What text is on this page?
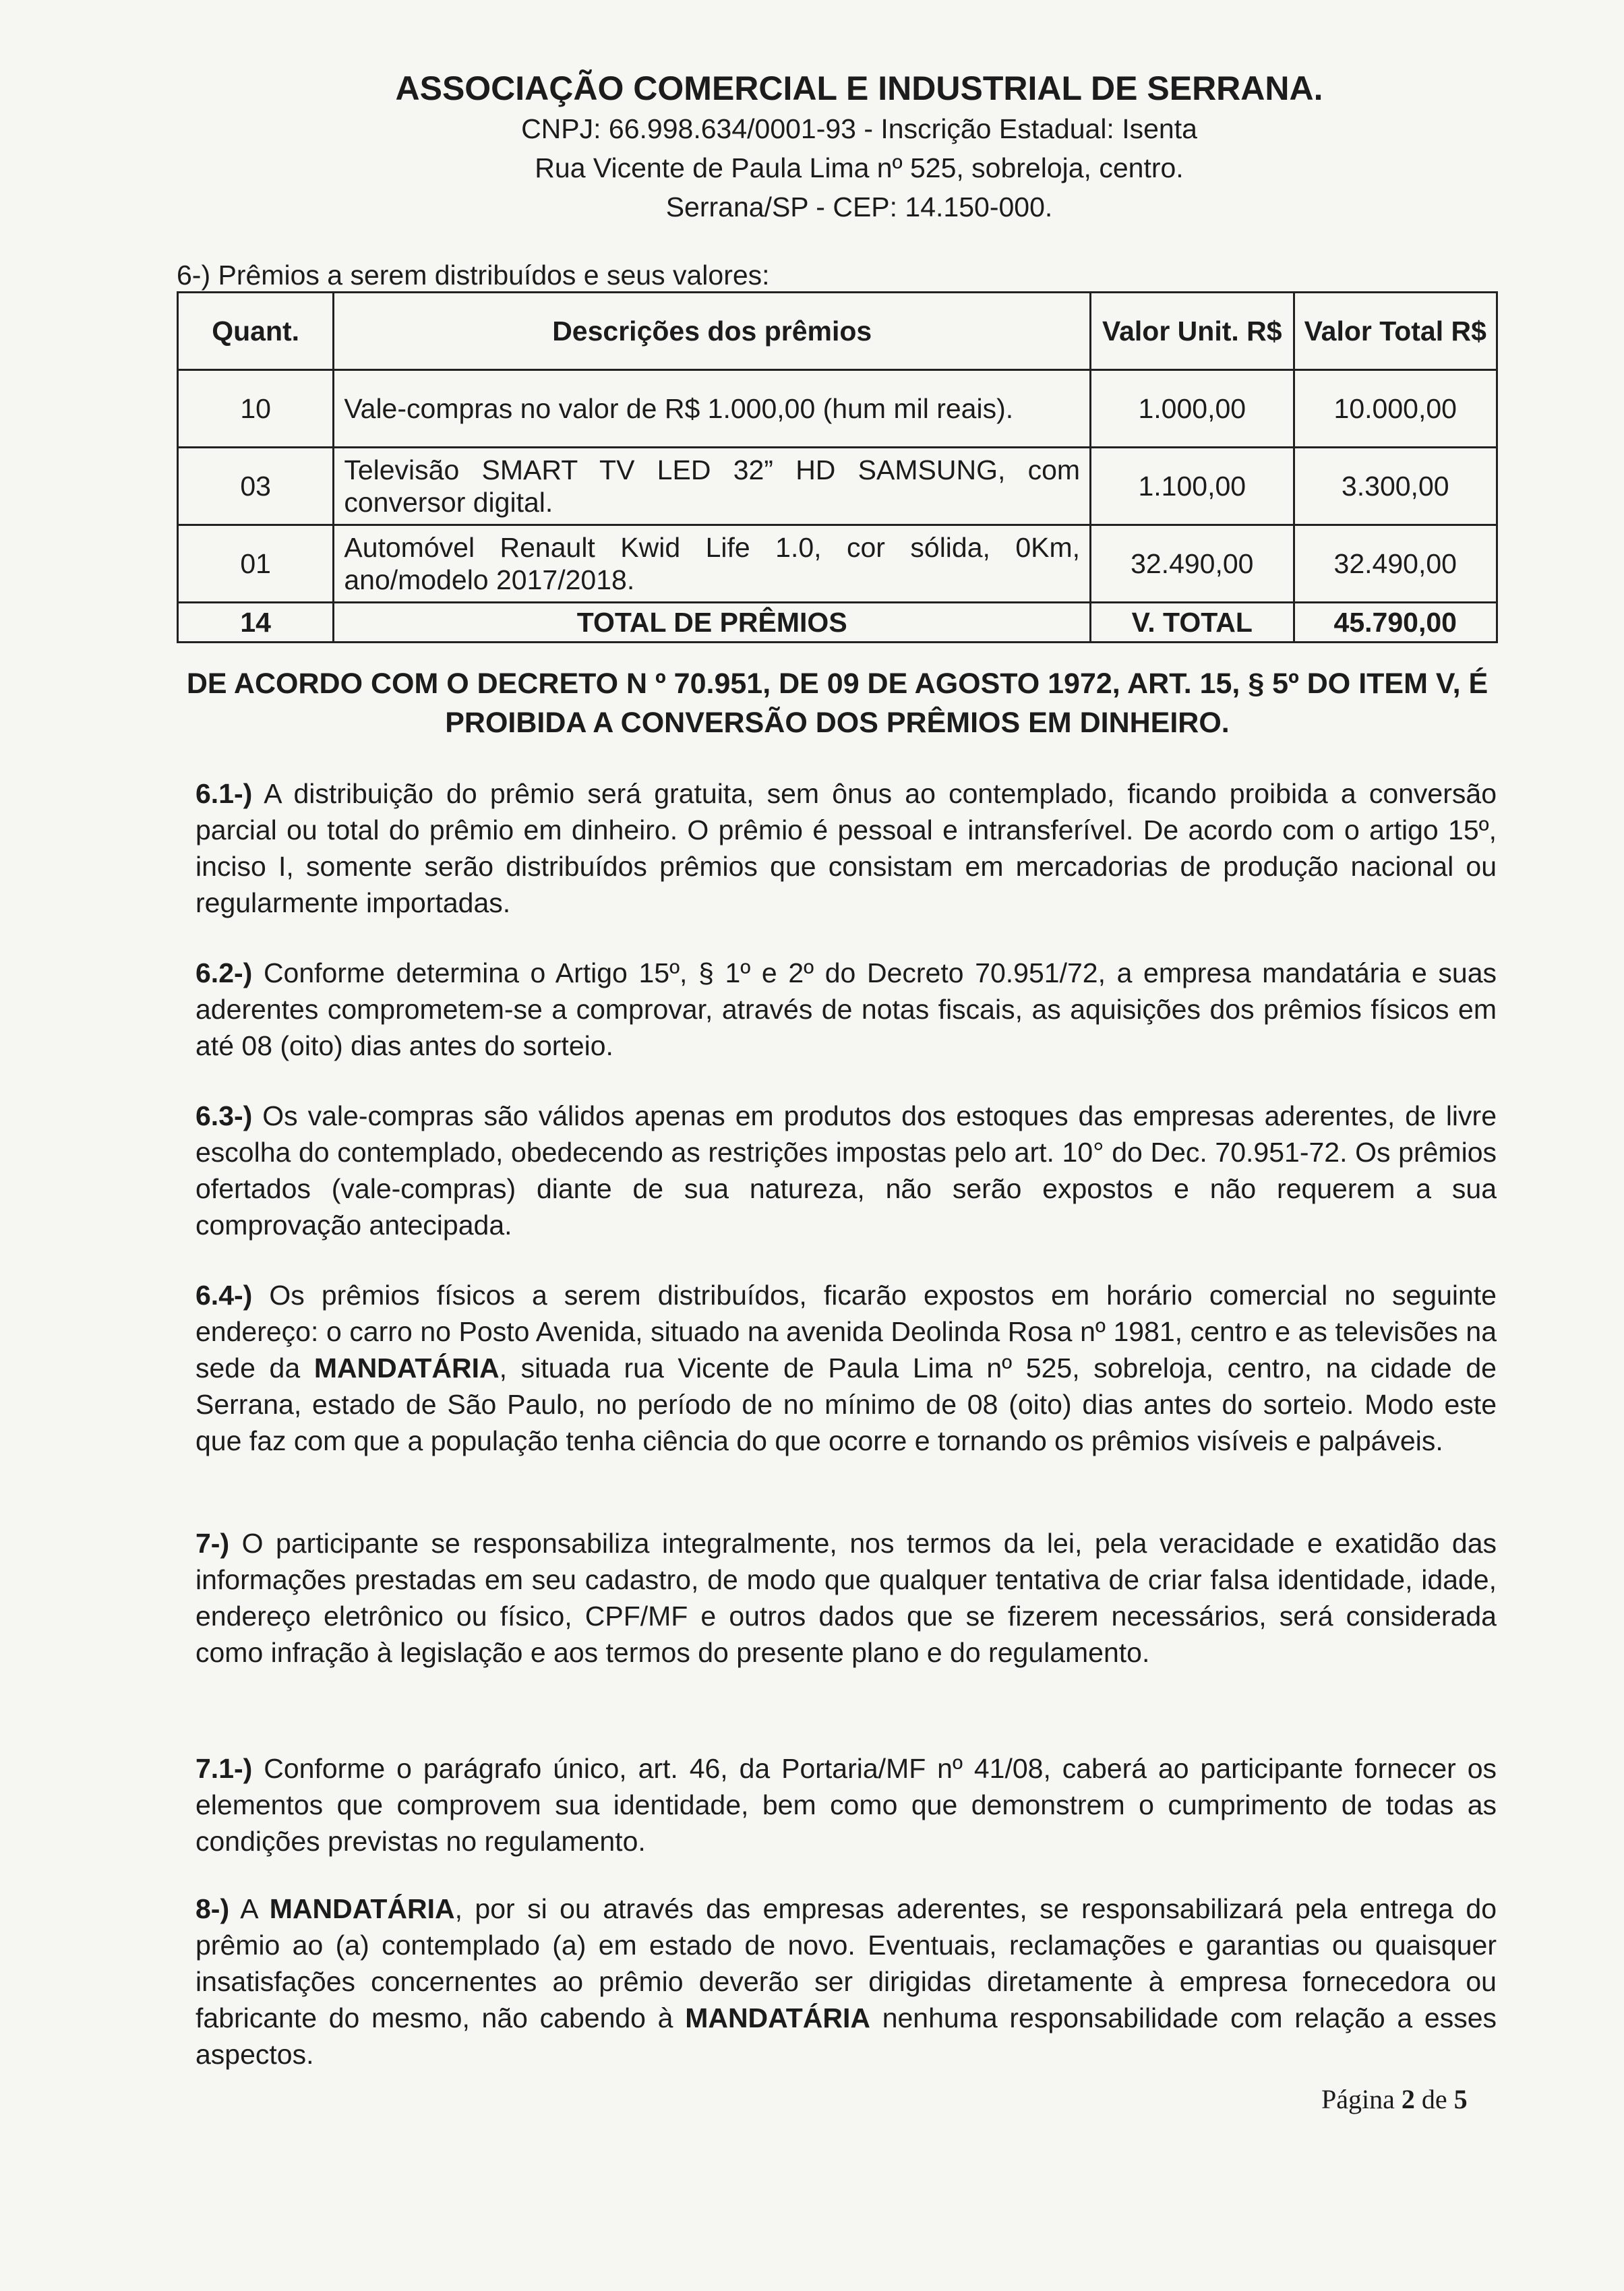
ASSOCIAÇÃO COMERCIAL E INDUSTRIAL DE SERRANA.
CNPJ: 66.998.634/0001-93 - Inscrição Estadual: Isenta
Rua Vicente de Paula Lima nº 525, sobreloja, centro.
Serrana/SP - CEP: 14.150-000.
6-) Prêmios a serem distribuídos e seus valores:
Quant.	Descrições dos prêmios	Valor Unit. R$	Valor Total R$
10	Vale-compras no valor de R$ 1.000,00 (hum mil reais).	1.000,00	10.000,00
03	Televisão SMART TV LED 32” HD SAMSUNG, com conversor digital.	1.100,00	3.300,00
01	Automóvel Renault Kwid Life 1.0, cor sólida, 0Km, ano/modelo 2017/2018.	32.490,00	32.490,00
14	TOTAL DE PRÊMIOS	V. TOTAL	45.790,00
DE ACORDO COM O DECRETO N º 70.951, DE 09 DE AGOSTO 1972, ART. 15, § 5º DO ITEM V, É PROIBIDA A CONVERSÃO DOS PRÊMIOS EM DINHEIRO.
6.1-) A distribuição do prêmio será gratuita, sem ônus ao contemplado, ficando proibida a conversão parcial ou total do prêmio em dinheiro. O prêmio é pessoal e intransferível. De acordo com o artigo 15º, inciso I, somente serão distribuídos prêmios que consistam em mercadorias de produção nacional ou regularmente importadas.
6.2-) Conforme determina o Artigo 15º, § 1º e 2º do Decreto 70.951/72, a empresa mandatária e suas aderentes comprometem-se a comprovar, através de notas fiscais, as aquisições dos prêmios físicos em até 08 (oito) dias antes do sorteio.
6.3-) Os vale-compras são válidos apenas em produtos dos estoques das empresas aderentes, de livre escolha do contemplado, obedecendo as restrições impostas pelo art. 10° do Dec. 70.951-72. Os prêmios ofertados (vale-compras) diante de sua natureza, não serão expostos e não requerem a sua comprovação antecipada.
6.4-) Os prêmios físicos a serem distribuídos, ficarão expostos em horário comercial no seguinte endereço: o carro no Posto Avenida, situado na avenida Deolinda Rosa nº 1981, centro e as televisões na sede da MANDATÁRIA, situada rua Vicente de Paula Lima nº 525, sobreloja, centro, na cidade de Serrana, estado de São Paulo, no período de no mínimo de 08 (oito) dias antes do sorteio. Modo este que faz com que a população tenha ciência do que ocorre e tornando os prêmios visíveis e palpáveis.
7-) O participante se responsabiliza integralmente, nos termos da lei, pela veracidade e exatidão das informações prestadas em seu cadastro, de modo que qualquer tentativa de criar falsa identidade, idade, endereço eletrônico ou físico, CPF/MF e outros dados que se fizerem necessários, será considerada como infração à legislação e aos termos do presente plano e do regulamento.
7.1-) Conforme o parágrafo único, art. 46, da Portaria/MF nº 41/08, caberá ao participante fornecer os elementos que comprovem sua identidade, bem como que demonstrem o cumprimento de todas as condições previstas no regulamento.
8-) A MANDATÁRIA, por si ou através das empresas aderentes, se responsabilizará pela entrega do prêmio ao (a) contemplado (a) em estado de novo. Eventuais, reclamações e garantias ou quaisquer insatisfações concernentes ao prêmio deverão ser dirigidas diretamente à empresa fornecedora ou fabricante do mesmo, não cabendo à MANDATÁRIA nenhuma responsabilidade com relação a esses aspectos.
Página 2 de 5
